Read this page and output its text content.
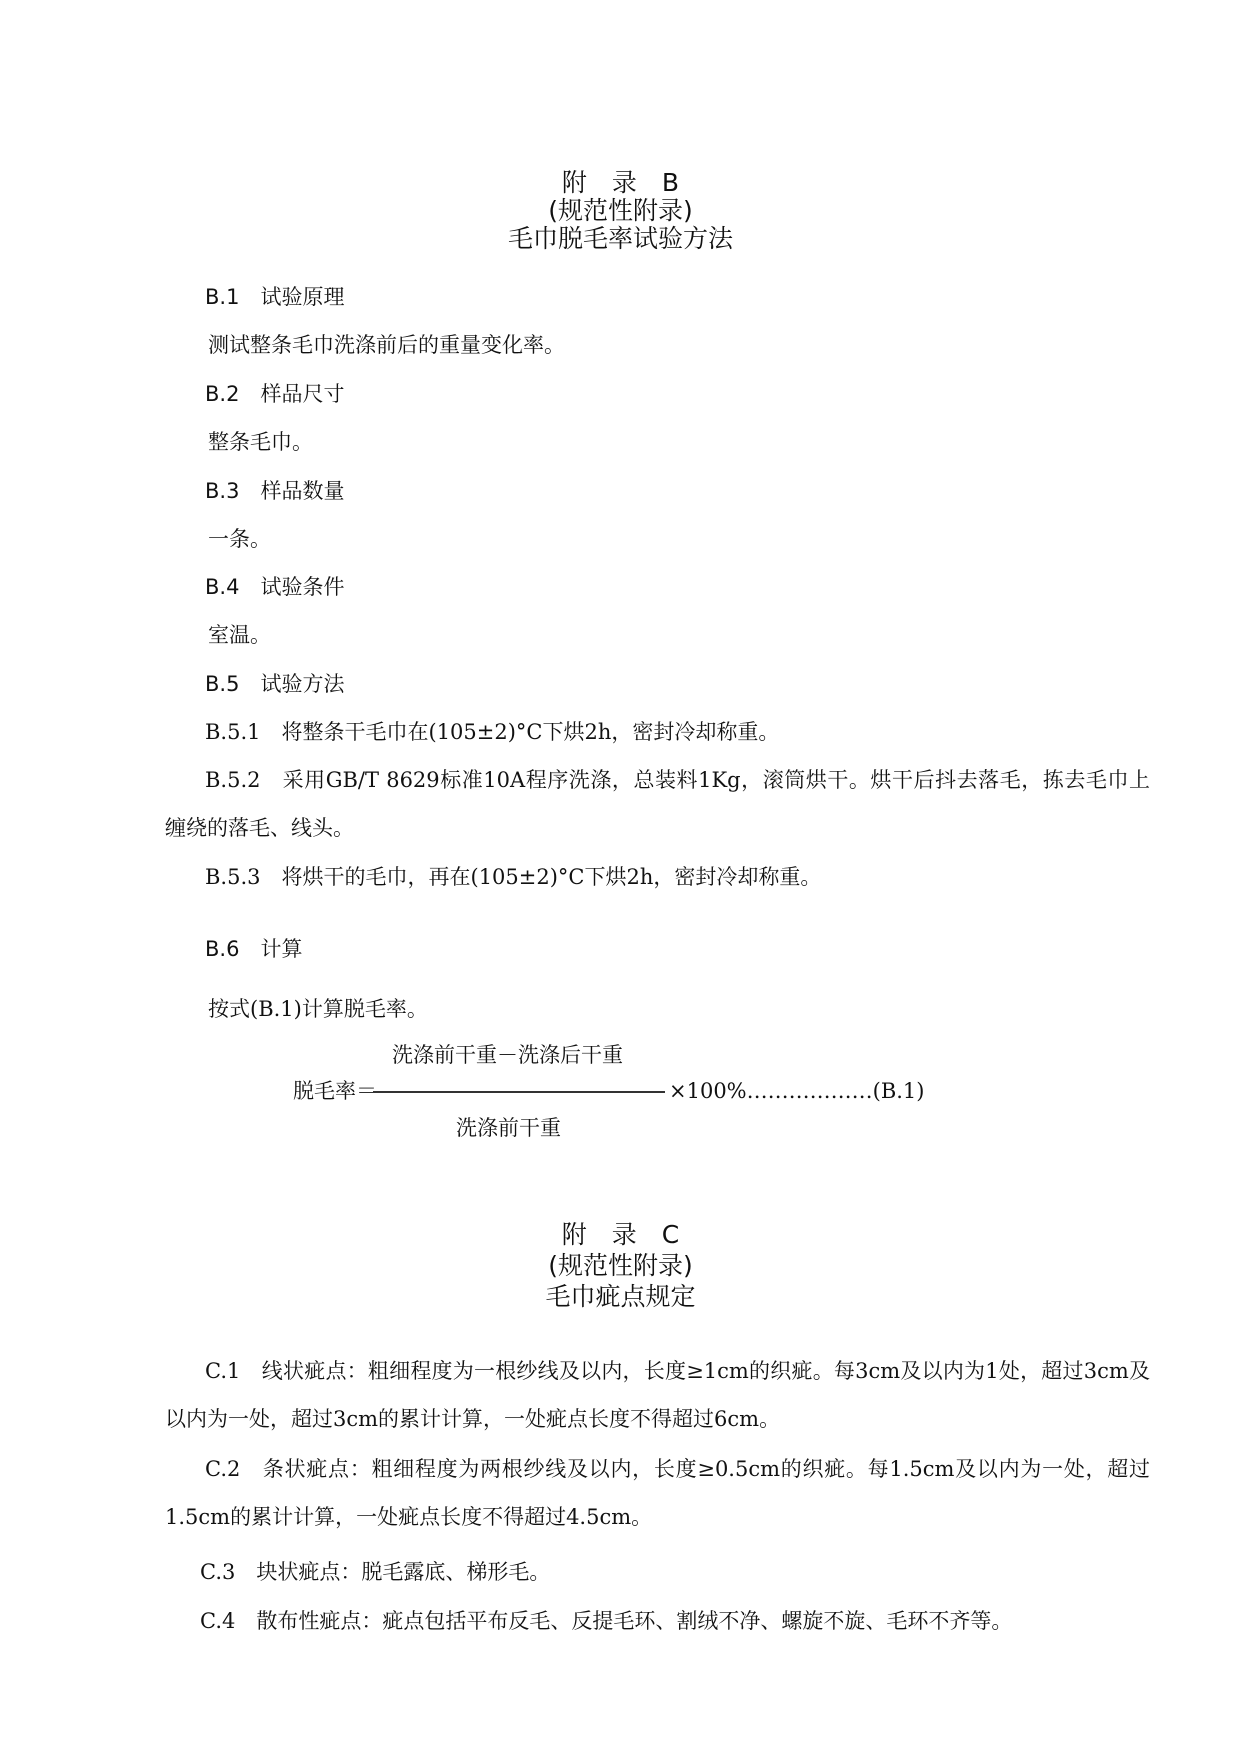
附　录　B
(规范性附录)
毛巾脱毛率试验方法
B.1　试验原理
测试整条毛巾洗涤前后的重量变化率。
B.2　样品尺寸
整条毛巾。
B.3　样品数量
一条。
B.4　试验条件
室温。
B.5　试验方法
B.5.1　将整条干毛巾在(105±2)°C下烘2h，密封冷却称重。
B.5.2　采用GB/T 8629标准10A程序洗涤，总装料1Kg，滚筒烘干。烘干后抖去落毛，拣去毛巾上缠绕的落毛、线头。
B.5.3　将烘干的毛巾，再在(105±2)°C下烘2h，密封冷却称重。
B.6　计算
按式(B.1)计算脱毛率。
洗涤前干重－洗涤后干重
脱毛率＝	×100%………………(B.1)
洗涤前干重
附　录　C
(规范性附录)
毛巾疵点规定
C.1　线状疵点：粗细程度为一根纱线及以内，长度≥1cm的织疵。每3cm及以内为1处，超过3cm及以内为一处，超过3cm的累计计算，一处疵点长度不得超过6cm。
C.2　条状疵点：粗细程度为两根纱线及以内，长度≥0.5cm的织疵。每1.5cm及以内为一处，超过1.5cm的累计计算，一处疵点长度不得超过4.5cm。
C.3　块状疵点：脱毛露底、梯形毛。
C.4　散布性疵点：疵点包括平布反毛、反提毛环、割绒不净、螺旋不旋、毛环不齐等。
